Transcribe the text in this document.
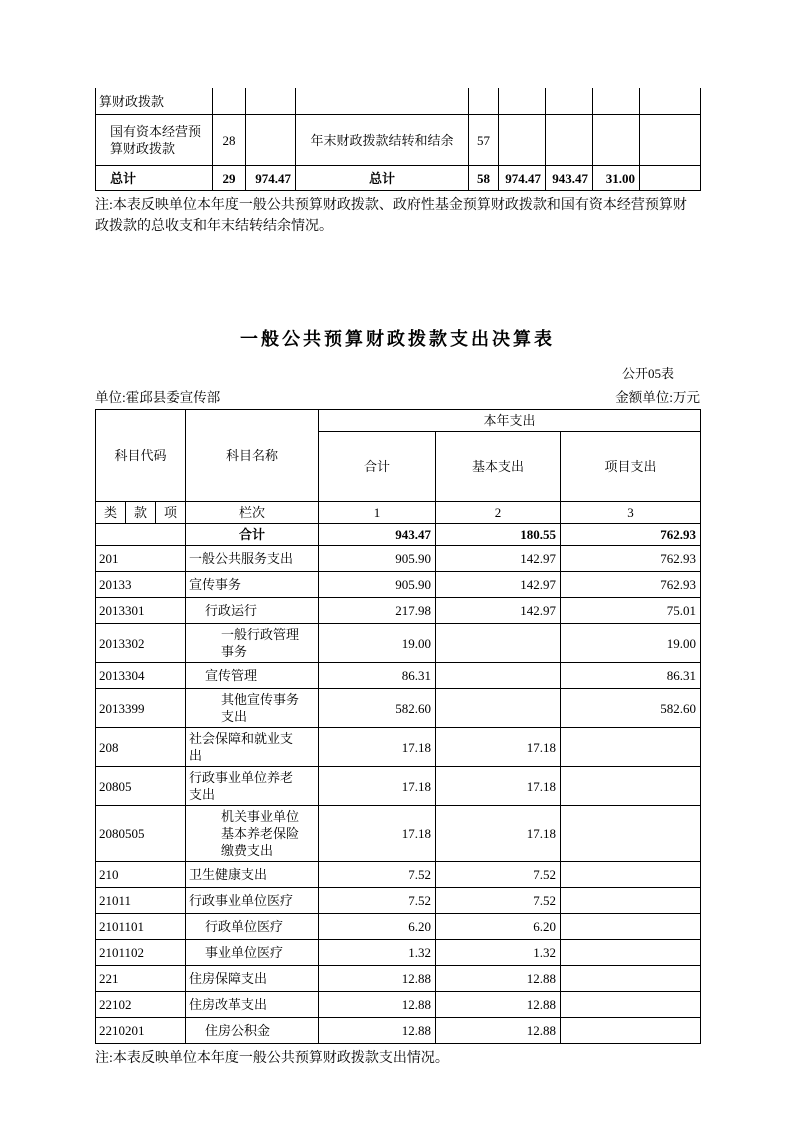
算财政拨款								
国有资本经营预算财政拨款	28		年末财政拨款结转和结余	57				
总计	29	974.47	总计	58	974.47	943.47	31.00	

注:本表反映单位本年度一般公共预算财政拨款、政府性基金预算财政拨款和国有资本经营预算财政拨款的总收支和年末结转结余情况。

一般公共预算财政拨款支出决算表
公开05表
单位:霍邱县委宣传部	金额单位:万元
科目代码			科目名称	本年支出		
				合计	基本支出	项目支出
类	款	项	栏次	1	2	3
			合计	943.47	180.55	762.93
201			一般公共服务支出	905.90	142.97	762.93
20133			宣传事务	905.90	142.97	762.93
2013301			行政运行	217.98	142.97	75.01
2013302			一般行政管理事务	19.00		19.00
2013304			宣传管理	86.31		86.31
2013399			其他宣传事务支出	582.60		582.60
208			社会保障和就业支出	17.18	17.18	
20805			行政事业单位养老支出	17.18	17.18	
2080505			机关事业单位基本养老保险缴费支出	17.18	17.18	
210			卫生健康支出	7.52	7.52	
21011			行政事业单位医疗	7.52	7.52	
2101101			行政单位医疗	6.20	6.20	
2101102			事业单位医疗	1.32	1.32	
221			住房保障支出	12.88	12.88	
22102			住房改革支出	12.88	12.88	
2210201			住房公积金	12.88	12.88	

注:本表反映单位本年度一般公共预算财政拨款支出情况。
